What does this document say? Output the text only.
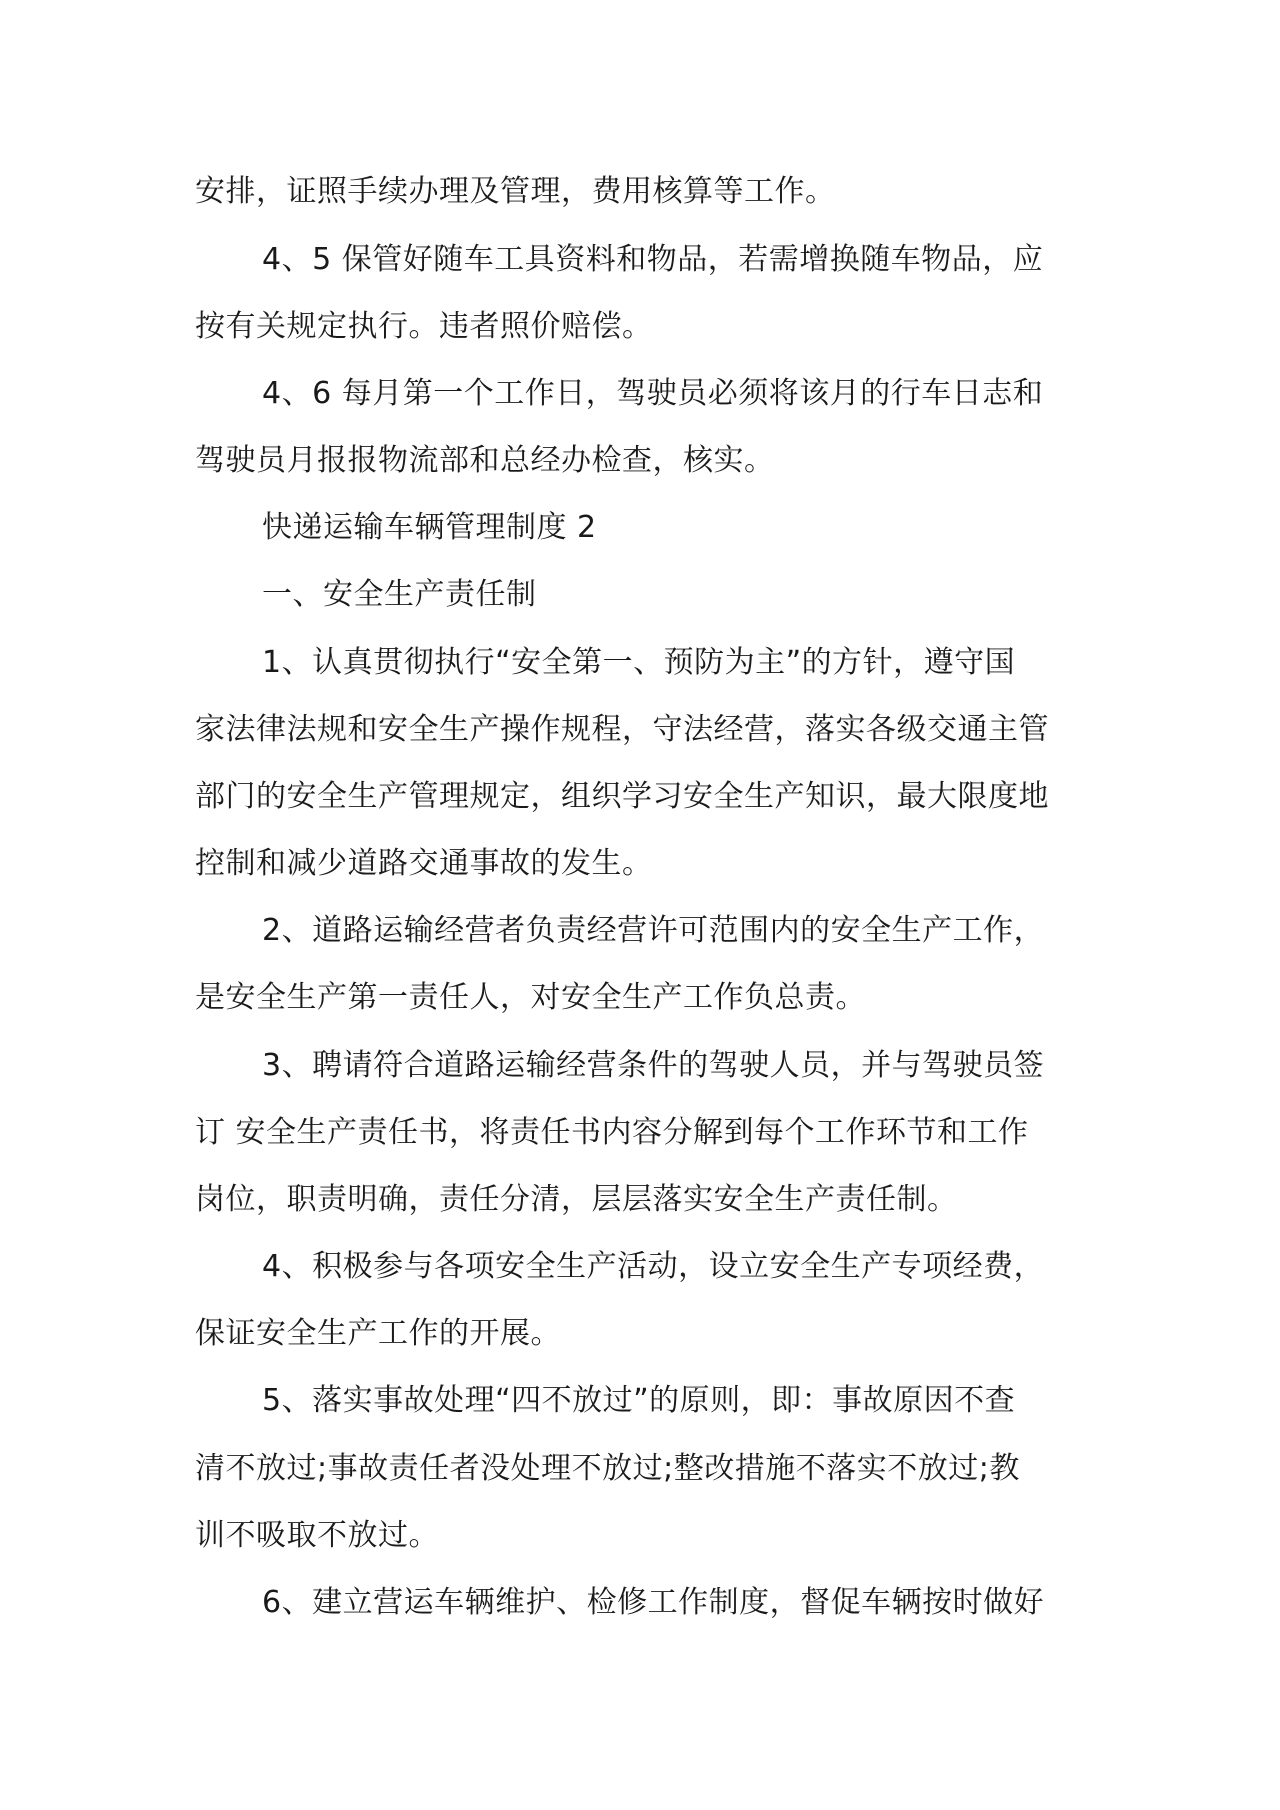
安排，证照手续办理及管理，费用核算等工作。
4、5 保管好随车工具资料和物品，若需增换随车物品，应
按有关规定执行。违者照价赔偿。
4、6 每月第一个工作日，驾驶员必须将该月的行车日志和
驾驶员月报报物流部和总经办检查，核实。
快递运输车辆管理制度 2
一、安全生产责任制
1、认真贯彻执行“安全第一、预防为主”的方针，遵守国
家法律法规和安全生产操作规程，守法经营，落实各级交通主管
部门的安全生产管理规定，组织学习安全生产知识，最大限度地
控制和减少道路交通事故的发生。
2、道路运输经营者负责经营许可范围内的安全生产工作，
是安全生产第一责任人，对安全生产工作负总责。
3、聘请符合道路运输经营条件的驾驶人员，并与驾驶员签
订 安全生产责任书，将责任书内容分解到每个工作环节和工作
岗位，职责明确，责任分清，层层落实安全生产责任制。
4、积极参与各项安全生产活动，设立安全生产专项经费，
保证安全生产工作的开展。
5、落实事故处理“四不放过”的原则，即：事故原因不查
清不放过;事故责任者没处理不放过;整改措施不落实不放过;教
训不吸取不放过。
6、建立营运车辆维护、检修工作制度，督促车辆按时做好
